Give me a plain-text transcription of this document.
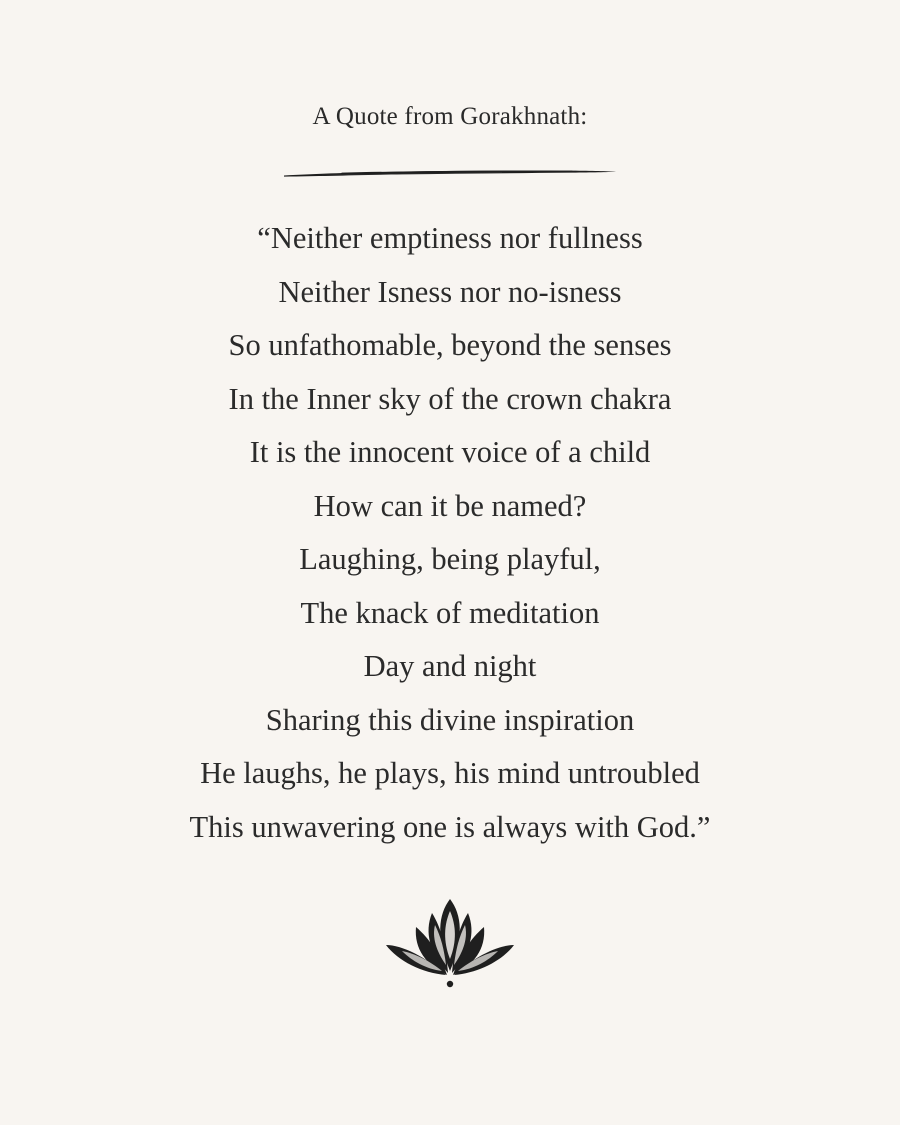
A Quote from Gorakhnath:
“Neither emptiness nor fullness
Neither Isness nor no-isness
So unfathomable, beyond the senses
In the Inner sky of the crown chakra
It is the innocent voice of a child
How can it be named?
Laughing, being playful,
The knack of meditation
Day and night
Sharing this divine inspiration
He laughs, he plays, his mind untroubled
This unwavering one is always with God.”
